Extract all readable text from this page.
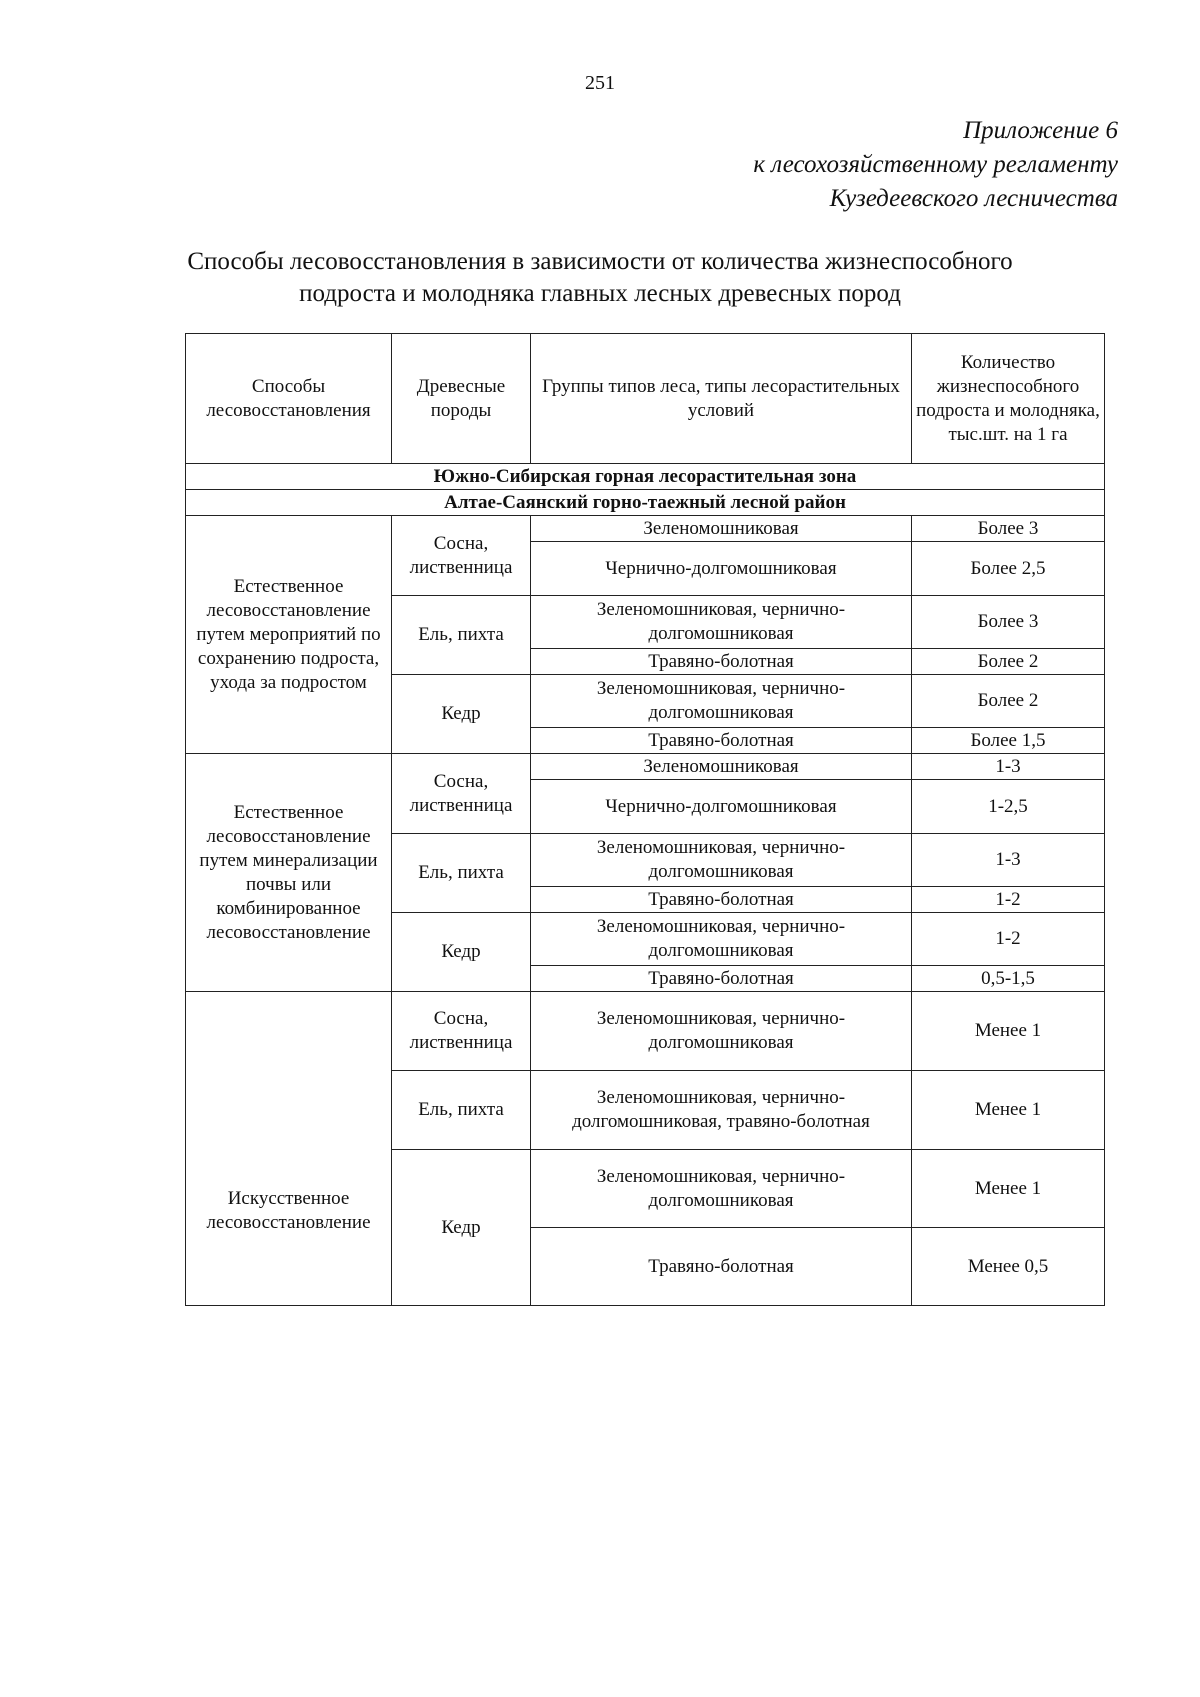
251
Приложение 6
к лесохозяйственному регламенту
Кузедеевского лесничества
Способы лесовосстановления в зависимости от количества жизнеспособного
подроста и молодняка главных лесных древесных пород
Способы лесовосстановления	Древесные породы	Группы типов леса, типы лесорастительных условий	Количество жизнеспособного подроста и молодняка, тыс.шт. на 1 га
Южно-Сибирская горная лесорастительная зона			
Алтае-Саянский горно-таежный лесной район			
Естественное лесовосстановление путем мероприятий по сохранению подроста, ухода за подростом	Сосна, лиственница	Зеленомошниковая	Более 3
		Чернично-долгомошниковая	Более 2,5
	Ель, пихта	Зеленомошниковая, чернично-долгомошниковая	Более 3
		Травяно-болотная	Более 2
	Кедр	Зеленомошниковая, чернично-долгомошниковая	Более 2
		Травяно-болотная	Более 1,5
Естественное лесовосстановление путем минерализации почвы или комбинированное лесовосстановление	Сосна, лиственница	Зеленомошниковая	1-3
		Чернично-долгомошниковая	1-2,5
	Ель, пихта	Зеленомошниковая, чернично-долгомошниковая	1-3
		Травяно-болотная	1-2
	Кедр	Зеленомошниковая, чернично-долгомошниковая	1-2
		Травяно-болотная	0,5-1,5
Искусственное лесовосстановление	Сосна, лиственница	Зеленомошниковая, чернично-долгомошниковая	Менее 1
	Ель, пихта	Зеленомошниковая, чернично-долгомошниковая, травяно-болотная	Менее 1
	Кедр	Зеленомошниковая, чернично-долгомошниковая	Менее 1
		Травяно-болотная	Менее 0,5
